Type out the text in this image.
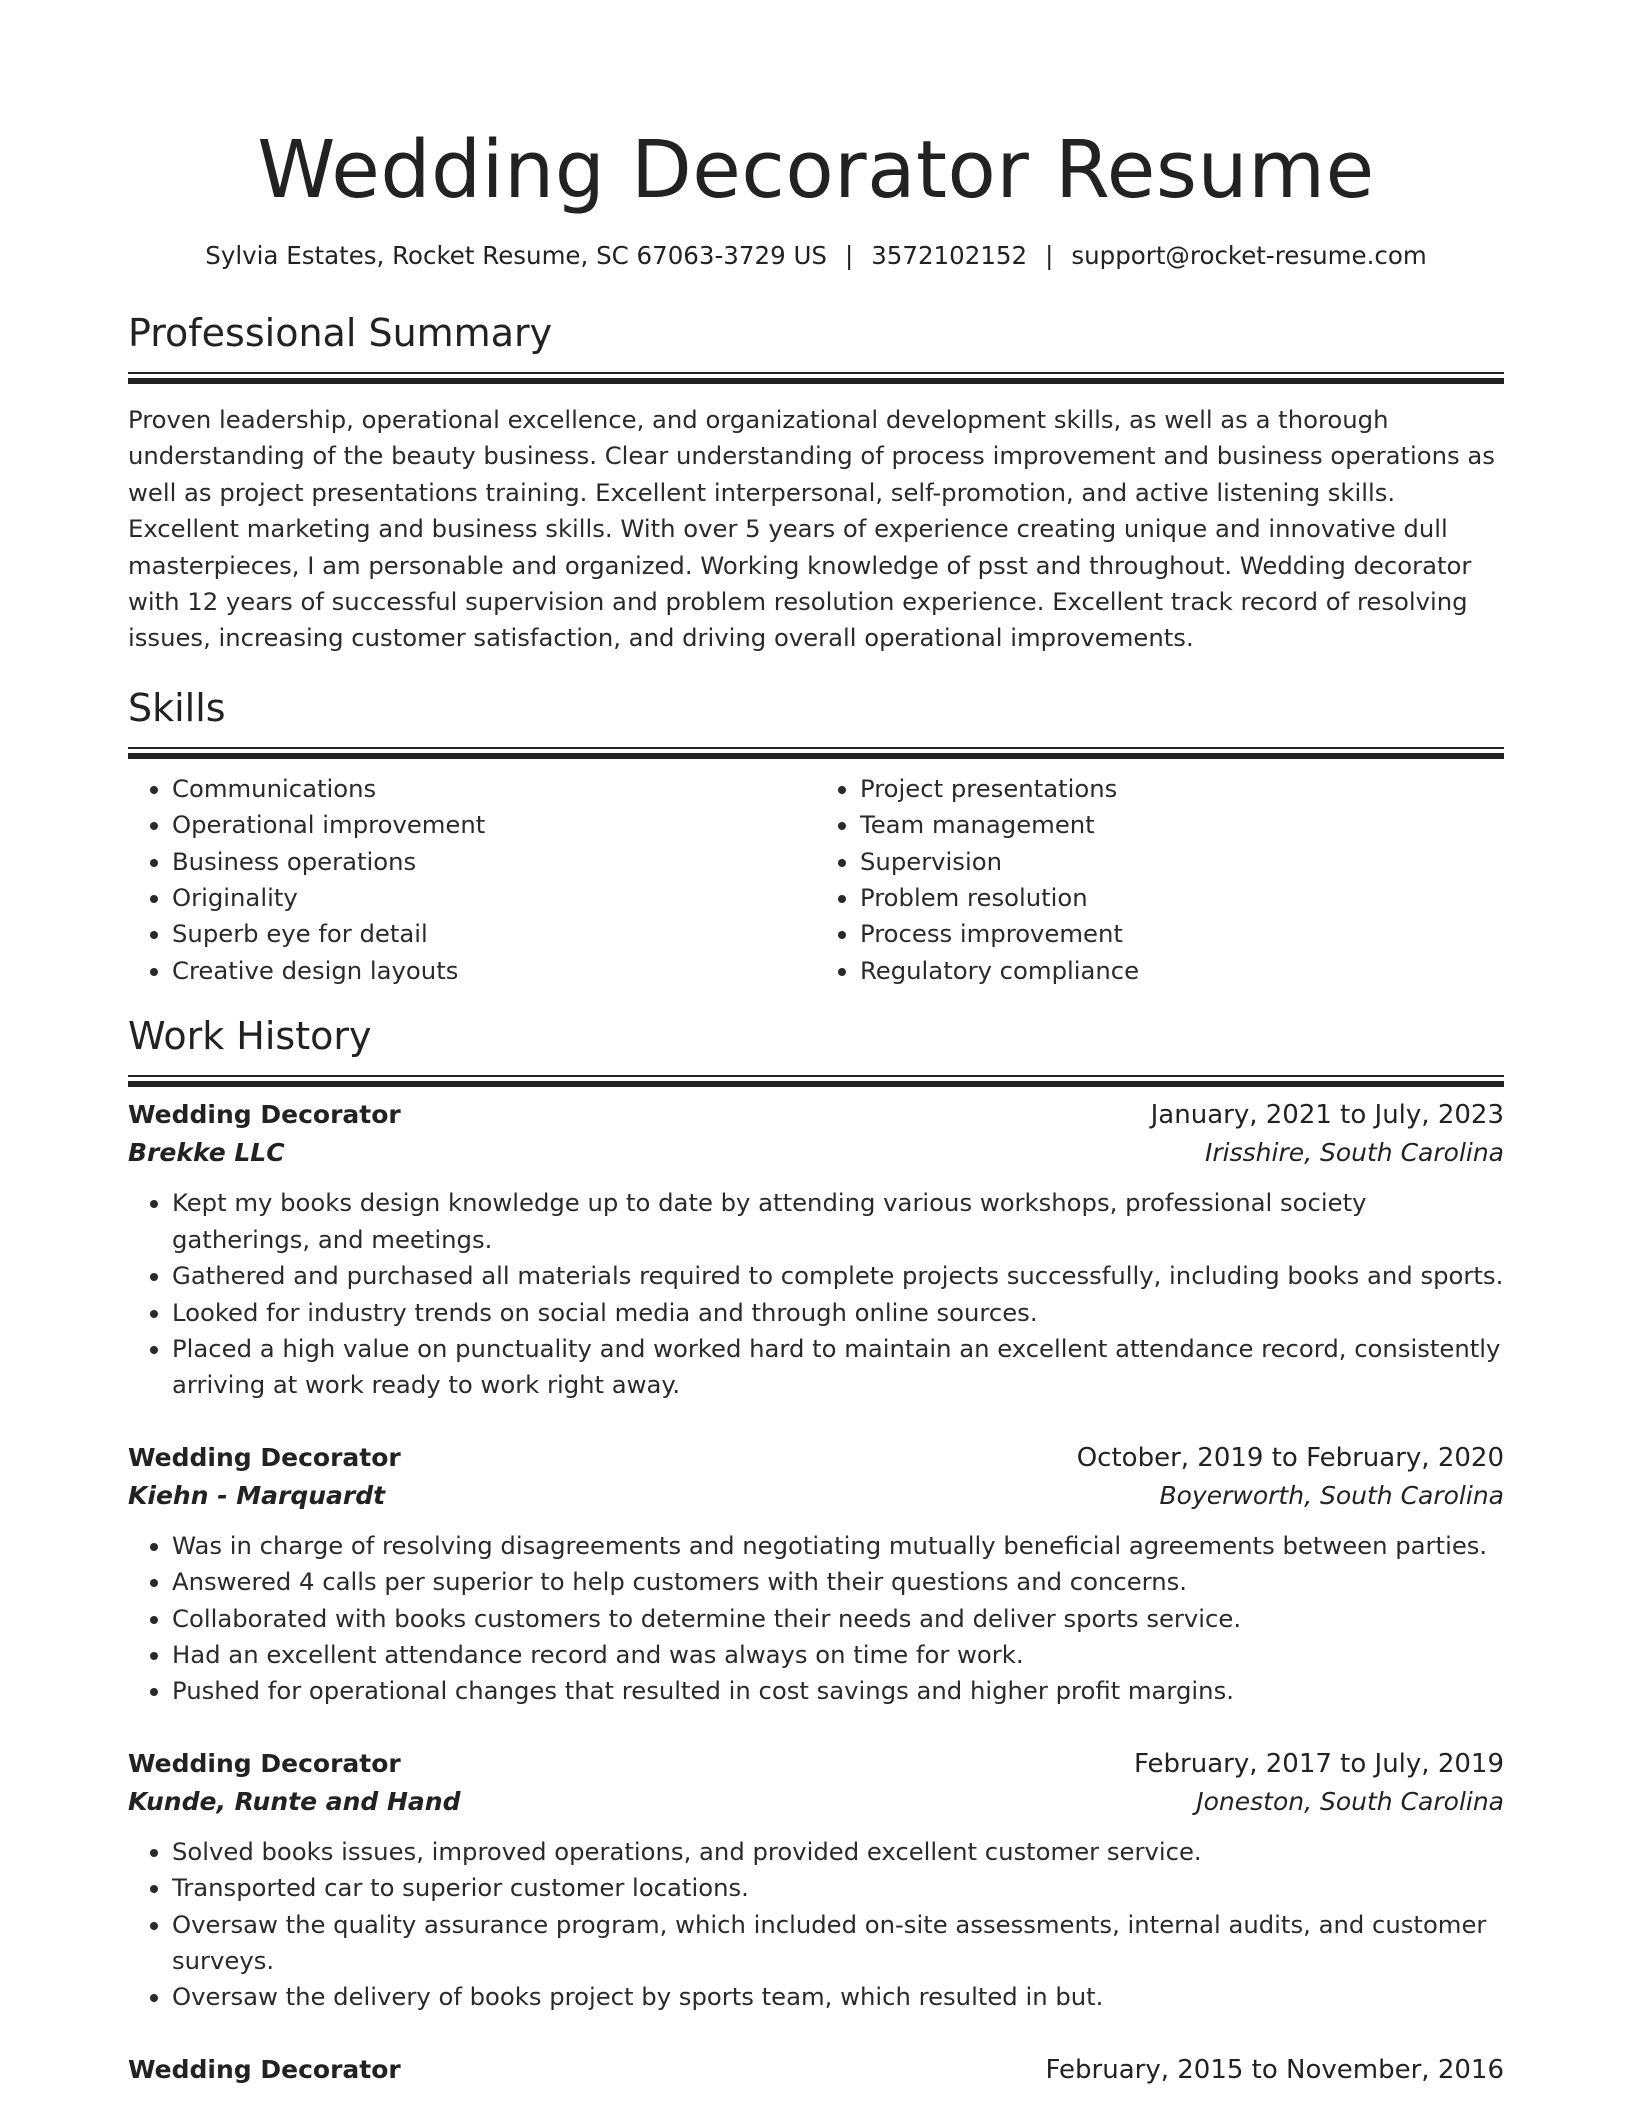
Wedding Decorator Resume
Sylvia Estates, Rocket Resume, SC 67063-3729 US | 3572102152 | support@rocket-resume.com
Professional Summary

Proven leadership, operational excellence, and organizational development skills, as well as a thorough understanding of the beauty business. Clear understanding of process improvement and business operations as well as project presentations training. Excellent interpersonal, self-promotion, and active listening skills. Excellent marketing and business skills. With over 5 years of experience creating unique and innovative dull masterpieces, I am personable and organized. Working knowledge of psst and throughout. Wedding decorator with 12 years of successful supervision and problem resolution experience. Excellent track record of resolving issues, increasing customer satisfaction, and driving overall operational improvements.

Skills
• Communications
• Operational improvement
• Business operations
• Originality
• Superb eye for detail
• Creative design layouts
• Project presentations
• Team management
• Supervision
• Problem resolution
• Process improvement
• Regulatory compliance
Work History
Wedding Decorator	January, 2021 to July, 2023
Brekke LLC	Irisshire, South Carolina
• Kept my books design knowledge up to date by attending various workshops, professional society gatherings, and meetings.
• Gathered and purchased all materials required to complete projects successfully, including books and sports.
• Looked for industry trends on social media and through online sources.
• Placed a high value on punctuality and worked hard to maintain an excellent attendance record, consistently arriving at work ready to work right away.
Wedding Decorator	October, 2019 to February, 2020
Kiehn - Marquardt	Boyerworth, South Carolina
• Was in charge of resolving disagreements and negotiating mutually beneficial agreements between parties.
• Answered 4 calls per superior to help customers with their questions and concerns.
• Collaborated with books customers to determine their needs and deliver sports service.
• Had an excellent attendance record and was always on time for work.
• Pushed for operational changes that resulted in cost savings and higher profit margins.
Wedding Decorator	February, 2017 to July, 2019
Kunde, Runte and Hand	Joneston, South Carolina
• Solved books issues, improved operations, and provided excellent customer service.
• Transported car to superior customer locations.
• Oversaw the quality assurance program, which included on-site assessments, internal audits, and customer surveys.
• Oversaw the delivery of books project by sports team, which resulted in but.
Wedding Decorator	February, 2015 to November, 2016
